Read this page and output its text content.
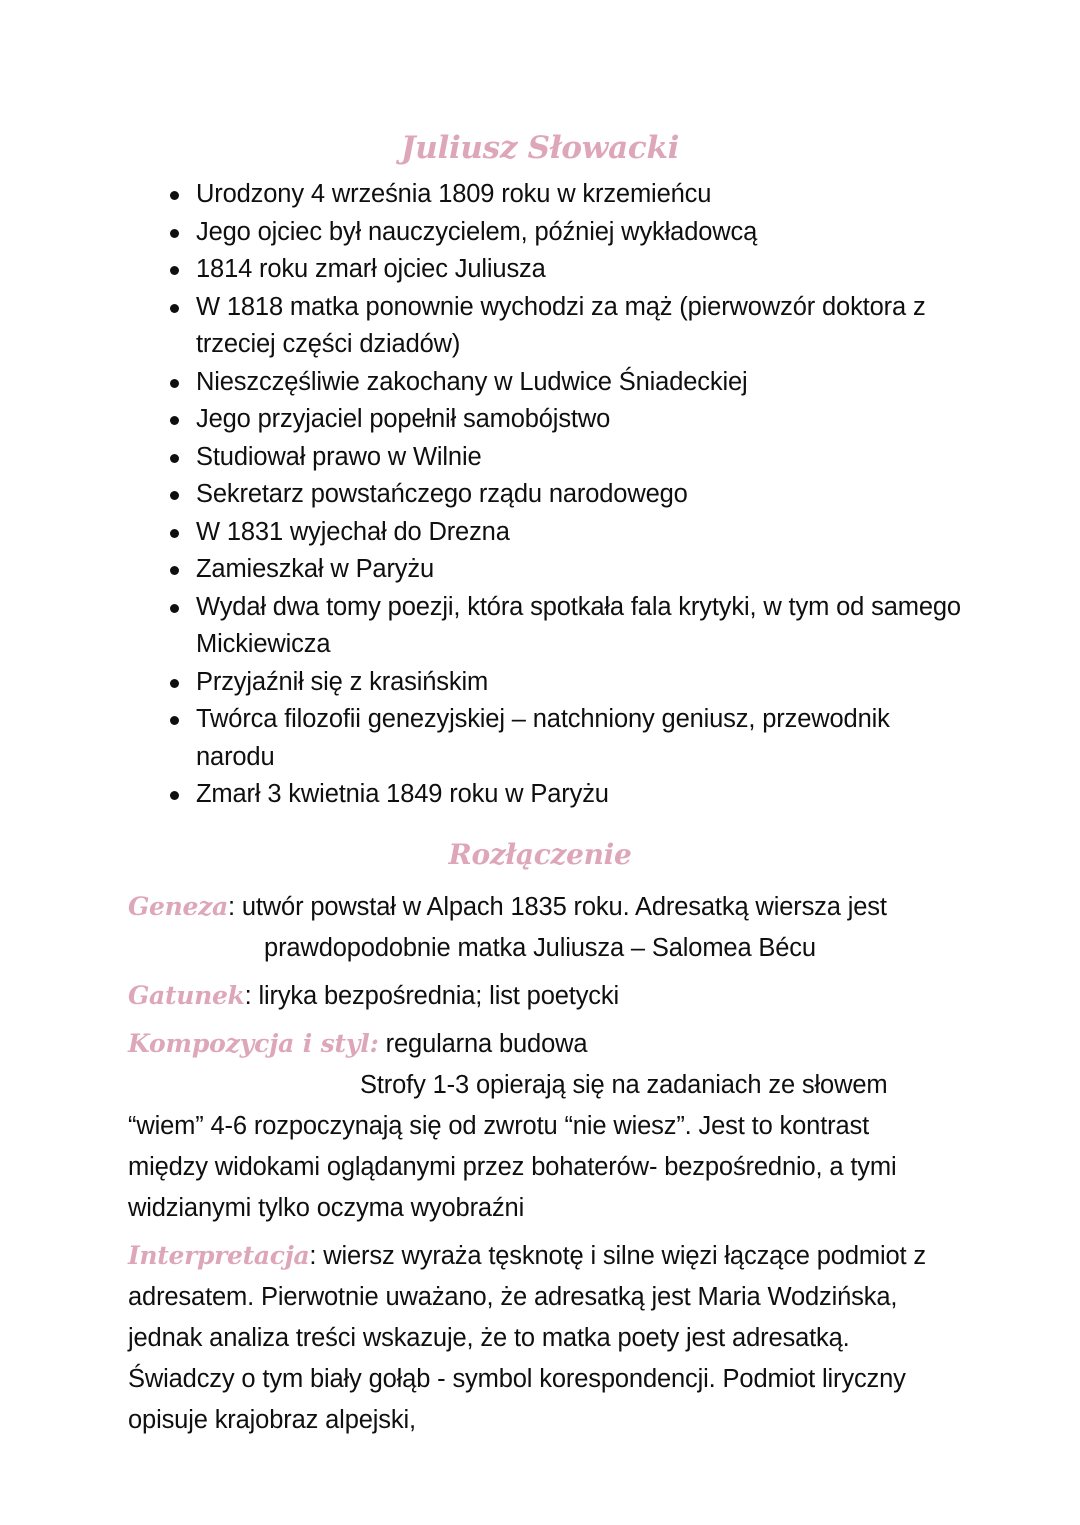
Juliusz Słowacki
Urodzony 4 września 1809 roku w krzemieńcu
Jego ojciec był nauczycielem, później wykładowcą
1814 roku zmarł ojciec Juliusza
W 1818 matka ponownie wychodzi za mąż (pierwowzór doktora z trzeciej części dziadów)
Nieszczęśliwie zakochany w Ludwice Śniadeckiej
Jego przyjaciel popełnił samobójstwo
Studiował prawo w Wilnie
Sekretarz powstańczego rządu narodowego
W 1831 wyjechał do Drezna
Zamieszkał w Paryżu
Wydał dwa tomy poezji, która spotkała fala krytyki, w tym od samego Mickiewicza
Przyjaźnił się z krasińskim
Twórca filozofii genezyjskiej – natchniony geniusz, przewodnik narodu
Zmarł 3 kwietnia 1849 roku w Paryżu
Rozłączenie

Geneza: utwór powstał w Alpach 1835 roku. Adresatką wiersza jest

prawdopodobnie matka Juliusza – Salomea Bécu

Gatunek: liryka bezpośrednia; list poetycki

Kompozycja i styl: regularna budowa

Strofy 1-3 opierają się na zadaniach ze słowem “wiem” 4-6 rozpoczynają się od zwrotu “nie wiesz”. Jest to kontrast między widokami oglądanymi przez bohaterów- bezpośrednio, a tymi widzianymi tylko oczyma wyobraźni

Interpretacja: wiersz wyraża tęsknotę i silne więzi łączące podmiot z adresatem. Pierwotnie uważano, że adresatką jest Maria Wodzińska, jednak analiza treści wskazuje, że to matka poety jest adresatką. Świadczy o tym biały gołąb - symbol korespondencji. Podmiot liryczny opisuje krajobraz alpejski,
